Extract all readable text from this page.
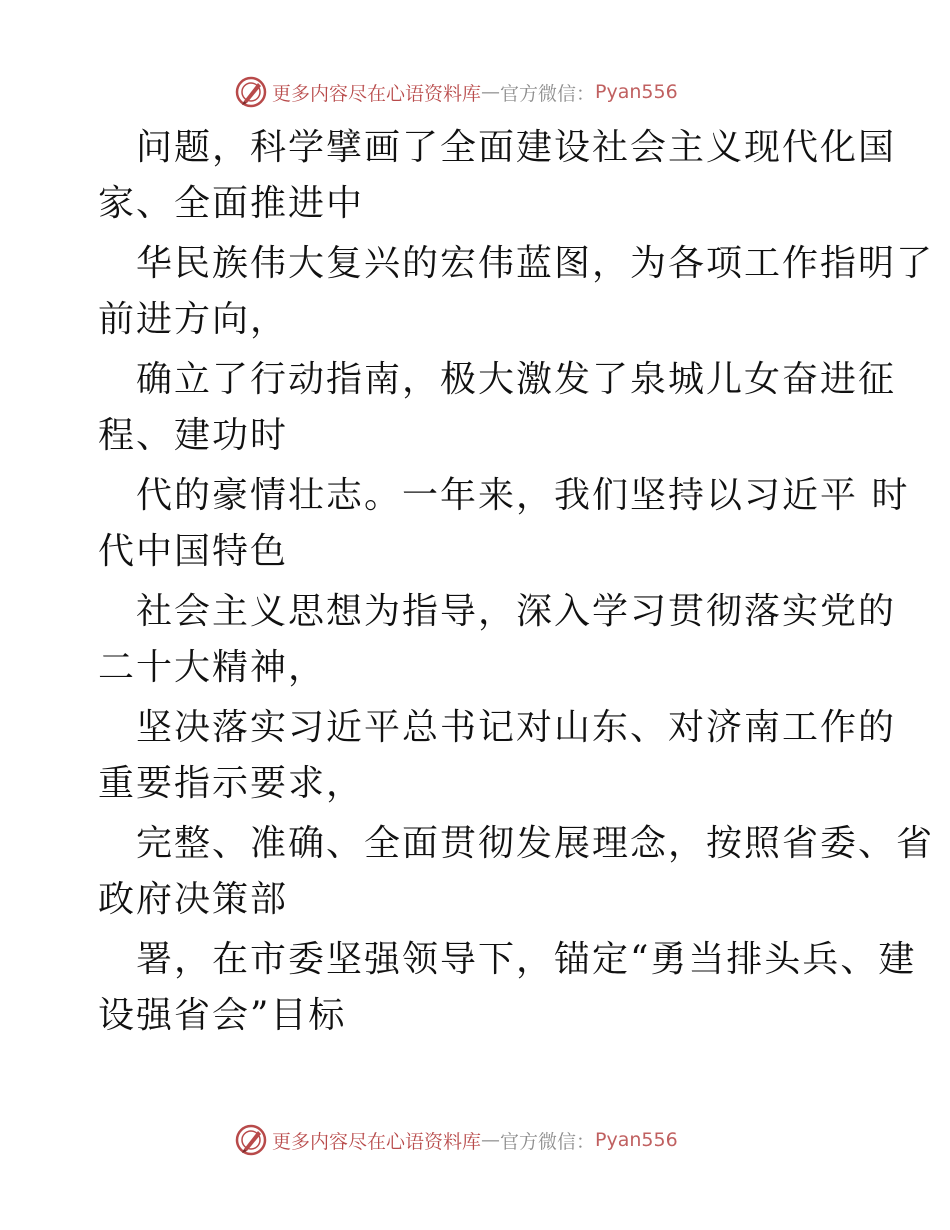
更多内容尽在心语资料库 — 官方微信： Pyan556
问题，科学擘画了全面建设社会主义现代化国
家、全面推进中
华民族伟大复兴的宏伟蓝图，为各项工作指明了
前进方向，
确立了行动指南，极大激发了泉城儿女奋进征
程、建功时
代的豪情壮志。一年来，我们坚持以习近平 时
代中国特色
社会主义思想为指导，深入学习贯彻落实党的
二十大精神，
坚决落实习近平总书记对山东、对济南工作的
重要指示要求，
完整、准确、全面贯彻发展理念，按照省委、省
政府决策部
署，在市委坚强领导下，锚定“勇当排头兵、建
设强省会”目标
更多内容尽在心语资料库 — 官方微信： Pyan556
